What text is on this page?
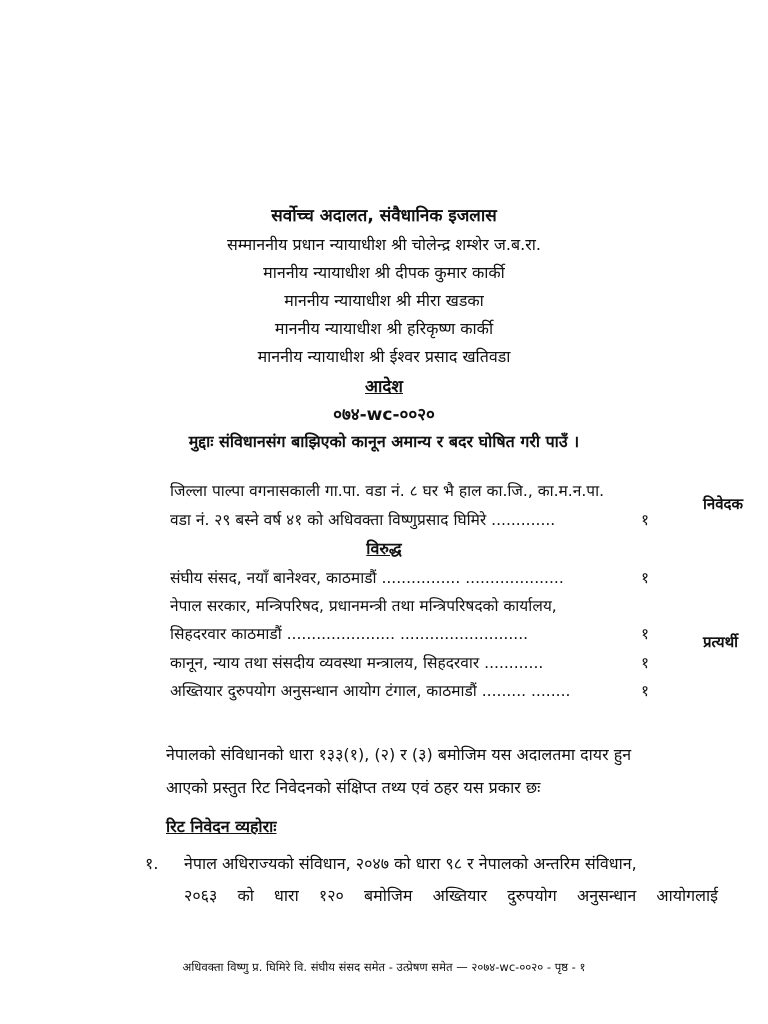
सर्वोच्च अदालत, संवैधानिक इजलास
सम्माननीय प्रधान न्यायाधीश श्री चोलेन्द्र शम्शेर ज.ब.रा.
माननीय न्यायाधीश श्री दीपक कुमार कार्की
माननीय न्यायाधीश श्री मीरा खडका
माननीय न्यायाधीश श्री हरिकृष्ण कार्की
माननीय न्यायाधीश श्री ईश्वर प्रसाद खतिवडा
आदेश
०७४-wc-००२०
मुद्दाः संविधानसंग बाझिएको कानून अमान्य र बदर घोषित गरी पाउँ ।
जिल्ला पाल्पा वगनासकाली गा.पा. वडा नं. ८ घर भै हाल का.जि., का.म.न.पा.
वडा नं. २९ बस्ने वर्ष ४१ को अधिवक्ता विष्णुप्रसाद घिमिरे .............	१
निवेदक
विरुद्ध
संघीय संसद, नयाँ बानेश्वर, काठमाडौं ................ ....................	१
नेपाल सरकार, मन्त्रिपरिषद, प्रधानमन्त्री तथा मन्त्रिपरिषदको कार्यालय,
सिहदरवार काठमाडौं ...................... ..........................	१
कानून, न्याय तथा संसदीय व्यवस्था मन्त्रालय, सिहदरवार ............	१
अख्तियार दुरुपयोग अनुसन्धान आयोग टंगाल, काठमाडौं ......... ........	१
प्रत्यर्थी
नेपालको संविधानको धारा १३३(१), (२) र (३) बमोजिम यस अदालतमा दायर हुन
आएको प्रस्तुत रिट निवेदनको संक्षिप्त तथ्य एवं ठहर यस प्रकार छः
रिट निवेदन व्यहोराः
१. नेपाल अधिराज्यको संविधान, २०४७ को धारा ९८ र नेपालको अन्तरिम संविधान,
२०६३ को धारा १२० बमोजिम अख्तियार दुरुपयोग अनुसन्धान आयोगलाई
अधिवक्ता विष्णु प्र. घिमिरे वि. संघीय संसद समेत - उत्प्रेषण समेत — २०७४-wc-००२० - पृष्ठ - १
